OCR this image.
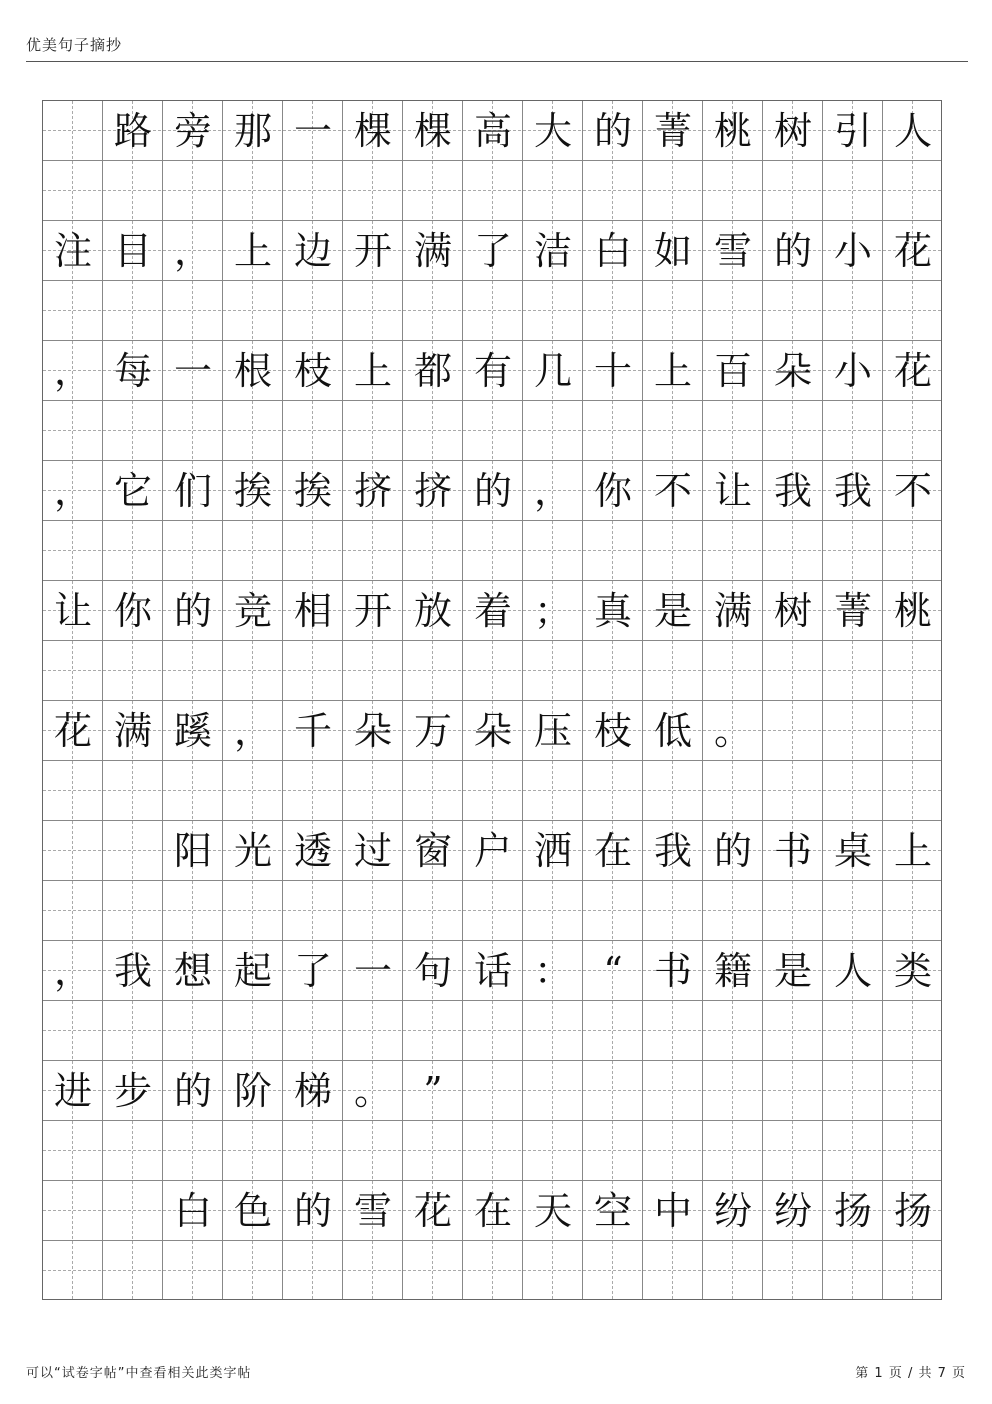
优美句子摘抄

路 旁 那 一 棵 棵 高 大 的 菁 桃 树 引 人
注 目 ， 上 边 开 满 了 洁 白 如 雪 的 小 花
， 每 一 根 枝 上 都 有 几 十 上 百 朵 小 花
， 它 们 挨 挨 挤 挤 的 ， 你 不 让 我 我 不
让 你 的 竞 相 开 放 着 ； 真 是 满 树 菁 桃
花 满 蹊 ， 千 朵 万 朵 压 枝 低 。

阳 光 透 过 窗 户 洒 在 我 的 书 桌 上
， 我 想 起 了 一 句 话 ： “ 书 籍 是 人 类
进 步 的 阶 梯 。 ”

白 色 的 雪 花 在 天 空 中 纷 纷 扬 扬
可以“试卷字帖”中查看相关此类字帖	第 1 页 / 共 7 页
